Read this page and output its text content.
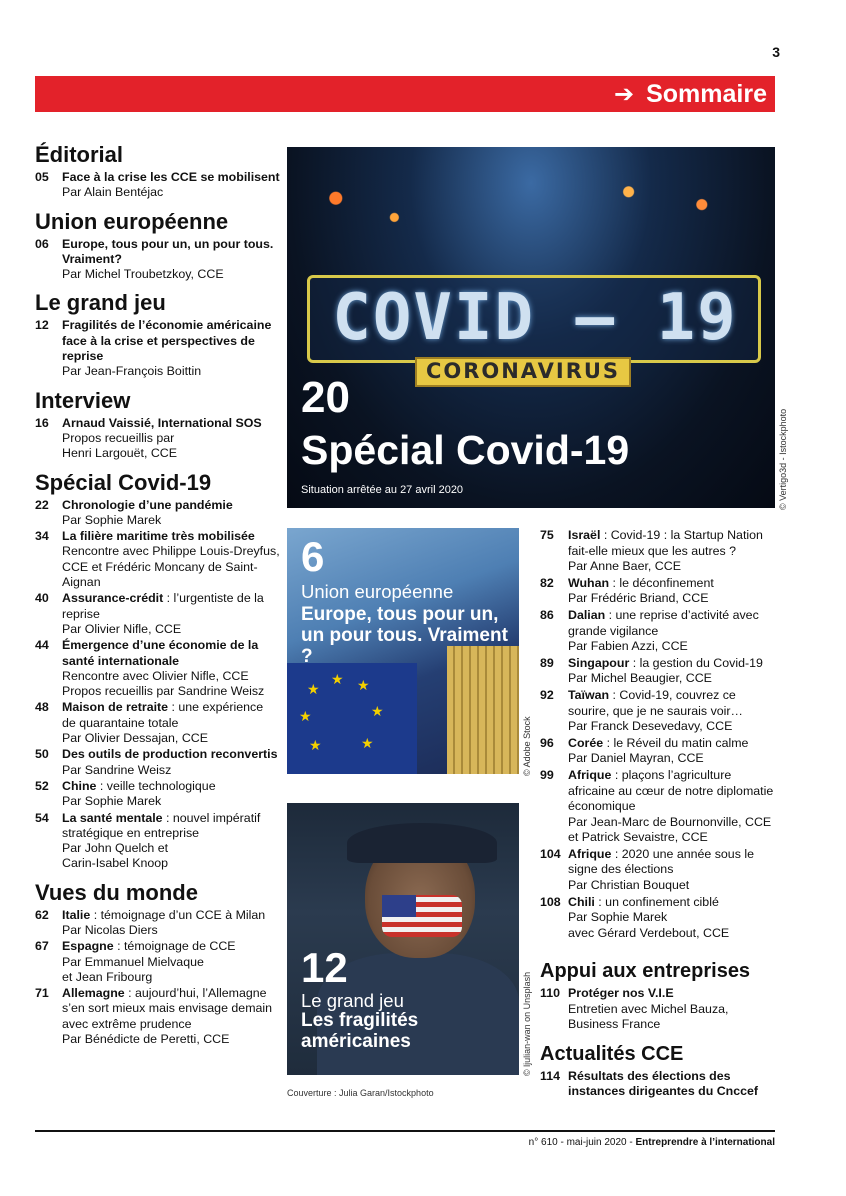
3
➔ Sommaire
Éditorial
05 Face à la crise les CCE se mobilisent
Par Alain Bentéjac
Union européenne
06 Europe, tous pour un, un pour tous. Vraiment?
Par Michel Troubetzkoy, CCE
Le grand jeu
12 Fragilités de l’économie américaine face à la crise et perspectives de reprise
Par Jean-François Boittin
Interview
16 Arnaud Vaissié, International SOS
Propos recueillis par
Henri Largouët, CCE
Spécial Covid-19
22 Chronologie d’une pandémie
Par Sophie Marek
34 La filière maritime très mobilisée
Rencontre avec Philippe Louis-Dreyfus, CCE et Frédéric Moncany de Saint-Aignan
40 Assurance-crédit : l’urgentiste de la reprise
Par Olivier Nifle, CCE
44 Émergence d’une économie de la santé internationale
Rencontre avec Olivier Nifle, CCE
Propos recueillis par Sandrine Weisz
48 Maison de retraite : une expérience de quarantaine totale
Par Olivier Dessajan, CCE
50 Des outils de production reconvertis
Par Sandrine Weisz
52 Chine : veille technologique
Par Sophie Marek
54 La santé mentale : nouvel impératif stratégique en entreprise
Par John Quelch et
Carin-Isabel Knoop
Vues du monde
62 Italie : témoignage d’un CCE à Milan
Par Nicolas Diers
67 Espagne : témoignage de CCE
Par Emmanuel Mielvaque
et Jean Fribourg
71 Allemagne : aujourd’hui, l’Allemagne s’en sort mieux mais envisage demain avec extrême prudence
Par Bénédicte de Peretti, CCE
COVID – 19
CORONAVIRUS
20
Spécial Covid-19
Situation arrêtée au 27 avril 2020	© Vertigo3d - Istockphoto
★
★ ★
★	★
★	★
6
Union européenne
Europe, tous pour un, un pour tous. Vraiment ?
© Adobe Stock
12
Le grand jeu
Les fragilités américaines	© ljulian-wan on Unsplash
Couverture : Julia Garan/Istockphoto
75 Israël : Covid-19 : la Startup Nation fait-elle mieux que les autres ?
Par Anne Baer, CCE
82 Wuhan : le déconfinement
Par Frédéric Briand, CCE
86 Dalian : une reprise d’activité avec grande vigilance
Par Fabien Azzi, CCE
89 Singapour : la gestion du Covid-19
Par Michel Beaugier, CCE
92 Taïwan : Covid-19, couvrez ce sourire, que je ne saurais voir…
Par Franck Desevedavy, CCE
96 Corée : le Réveil du matin calme
Par Daniel Mayran, CCE
99 Afrique : plaçons l’agriculture africaine au cœur de notre diplomatie économique
Par Jean-Marc de Bournonville, CCE
et Patrick Sevaistre, CCE
104 Afrique : 2020 une année sous le signe des élections
Par Christian Bouquet
108 Chili : un confinement ciblé
Par Sophie Marek
avec Gérard Verdebout, CCE
Appui aux entreprises
110 Protéger nos V.I.E
Entretien avec Michel Bauza,
Business France
Actualités CCE
114 Résultats des élections des instances dirigeantes du Cnccef
n° 610 - mai-juin 2020 - Entreprendre à l’international
